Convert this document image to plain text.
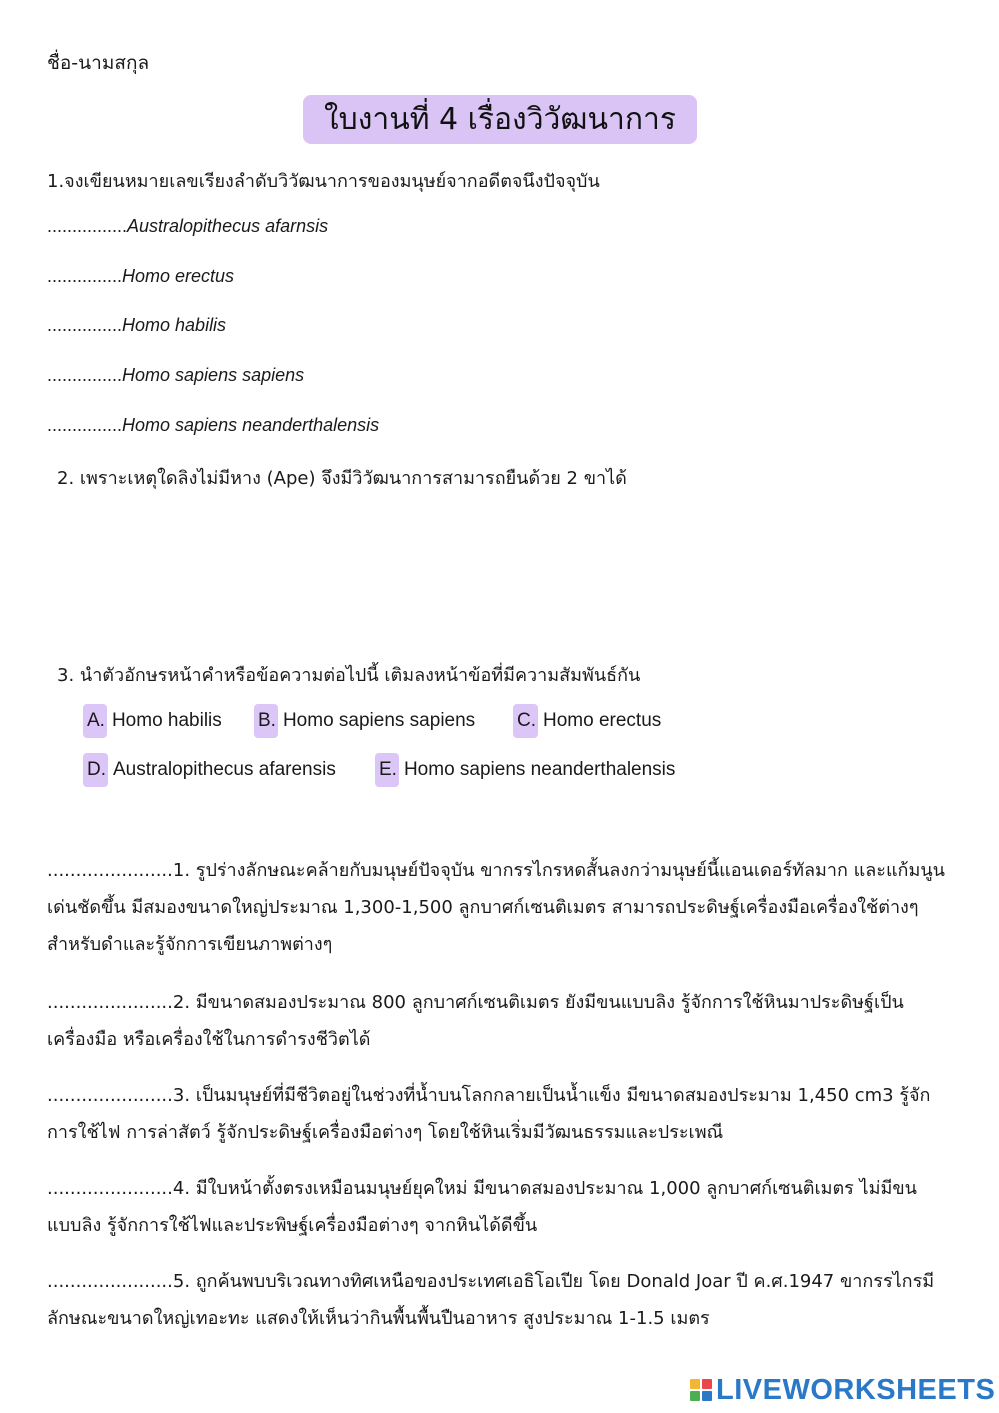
ชื่อ-นามสกุล
ใบงานที่ 4 เรื่องวิวัฒนาการ
1.จงเขียนหมายเลขเรียงลำดับวิวัฒนาการของมนุษย์จากอดีตจนึงปัจจุบัน
................Australopithecus afarnsis
...............Homo erectus
...............Homo habilis
...............Homo sapiens sapiens
...............Homo sapiens neanderthalensis
2. เพราะเหตุใดลิงไม่มีหาง (Ape) จึงมีวิวัฒนาการสามารถยืนด้วย 2 ขาได้
3. นำตัวอักษรหน้าคำหรือข้อความต่อไปนี้ เติมลงหน้าข้อที่มีความสัมพันธ์กัน
A. Homo habilis B. Homo sapiens sapiens C. Homo erectus
D. Australopithecus afarensis E. Homo sapiens neanderthalensis
......................1. รูปร่างลักษณะคล้ายกับมนุษย์ปัจจุบัน ขากรรไกรหดสั้นลงกว่ามนุษย์นี้แอนเดอร์ทัลมาก และแก้มนูนเด่นชัดขึ้น มีสมองขนาดใหญ่ประมาณ 1,300-1,500 ลูกบาศก์เซนติเมตร สามารถประดิษฐ์เครื่องมือเครื่องใช้ต่างๆ สำหรับดำและรู้จักการเขียนภาพต่างๆ
......................2. มีขนาดสมองประมาณ 800 ลูกบาศก์เซนติเมตร ยังมีขนแบบลิง รู้จักการใช้หินมาประดิษฐ์เป็นเครื่องมือ หรือเครื่องใช้ในการดำรงชีวิตได้
......................3. เป็นมนุษย์ที่มีชีวิตอยู่ในช่วงที่น้ำบนโลกกลายเป็นน้ำแข็ง มีขนาดสมองประมาม 1,450 cm3 รู้จักการใช้ไฟ การล่าสัตว์ รู้จักประดิษฐ์เครื่องมือต่างๆ โดยใช้หินเริ่มมีวัฒนธรรมและประเพณี
......................4. มีใบหน้าตั้งตรงเหมือนมนุษย์ยุคใหม่ มีขนาดสมองประมาณ 1,000 ลูกบาศก์เซนติเมตร ไม่มีขนแบบลิง รู้จักการใช้ไฟและประพิษฐ์เครื่องมือต่างๆ จากหินได้ดีขึ้น
......................5. ถูกค้นพบบริเวณทางทิศเหนือของประเทศเอธิโอเปีย โดย Donald Joar ปี ค.ศ.1947 ขากรรไกรมีลักษณะขนาดใหญ่เทอะทะ แสดงให้เห็นว่ากินพื้นพื้นปืนอาหาร สูงประมาณ 1-1.5 เมตร
LIVEWORKSHEETS
